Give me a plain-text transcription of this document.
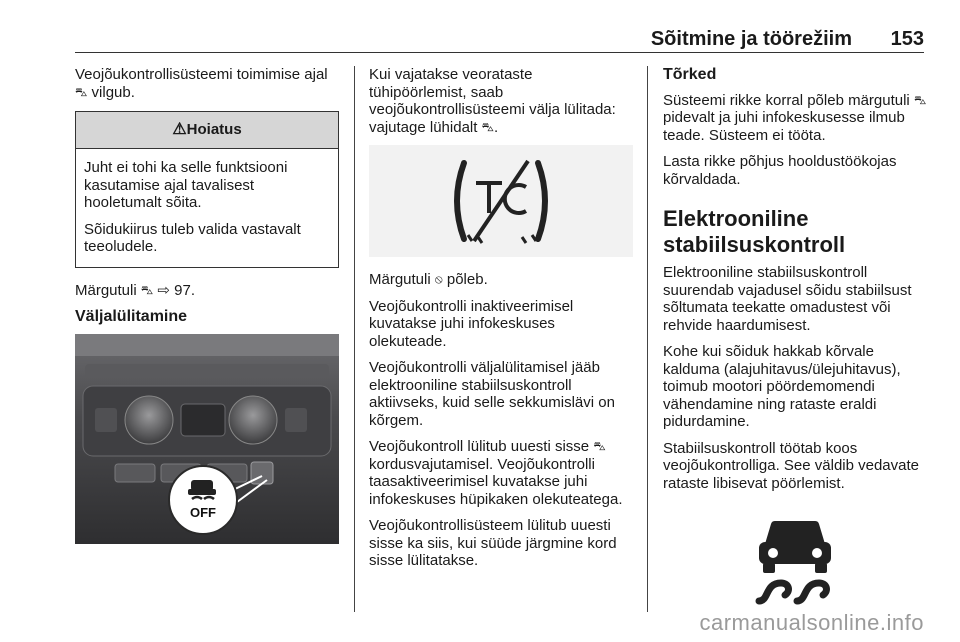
Sõitmine ja töörežiim 153

Veojõukontrollisüsteemi toimimise ajal ⛍ vilgub.

⚠Hoiatus

Juht ei tohi ka selle funktsiooni kasutamise ajal tavalisest hooletumalt sõita.

Sõidukiirus tuleb valida vastavalt teeoludele.

Märgutuli ⛍ ⇨ 97.

Väljalülitamine
OFF

Kui vajatakse veorataste tühipöörlemist, saab veojõukontrollisüsteemi välja lülitada: vajutage lühidalt ⛍.

Märgutuli ⦸ põleb.

Veojõukontrolli inaktiveerimisel kuvatakse juhi infokeskuses olekuteade.

Veojõukontrolli väljalülitamisel jääb elektrooniline stabiilsuskontroll aktiivseks, kuid selle sekkumislävi on kõrgem.

Veojõukontroll lülitub uuesti sisse ⛍ kordusvajutamisel. Veojõukontrolli taasaktiveerimisel kuvatakse juhi infokeskuses hüpikaken olekuteatega.

Veojõukontrollisüsteem lülitub uuesti sisse ka siis, kui süüde järgmine kord sisse lülitatakse.

Tõrked

Süsteemi rikke korral põleb märgutuli ⛍ pidevalt ja juhi infokeskusesse ilmub teade. Süsteem ei tööta.

Lasta rikke põhjus hooldustöökojas kõrvaldada.

Elektrooniline stabiilsuskontroll

Elektrooniline stabiilsuskontroll suurendab vajadusel sõidu stabiilsust sõltumata teekatte omadustest või rehvide haardumisest.

Kohe kui sõiduk hakkab kõrvale kalduma (alajuhitavus/ülejuhitavus), toimub mootori pöördemomendi vähendamine ning rataste eraldi pidurdamine.

Stabiilsuskontroll töötab koos veojõukontrolliga. See väldib vedavate rataste libisevat pöörlemist.

carmanualsonline.info
